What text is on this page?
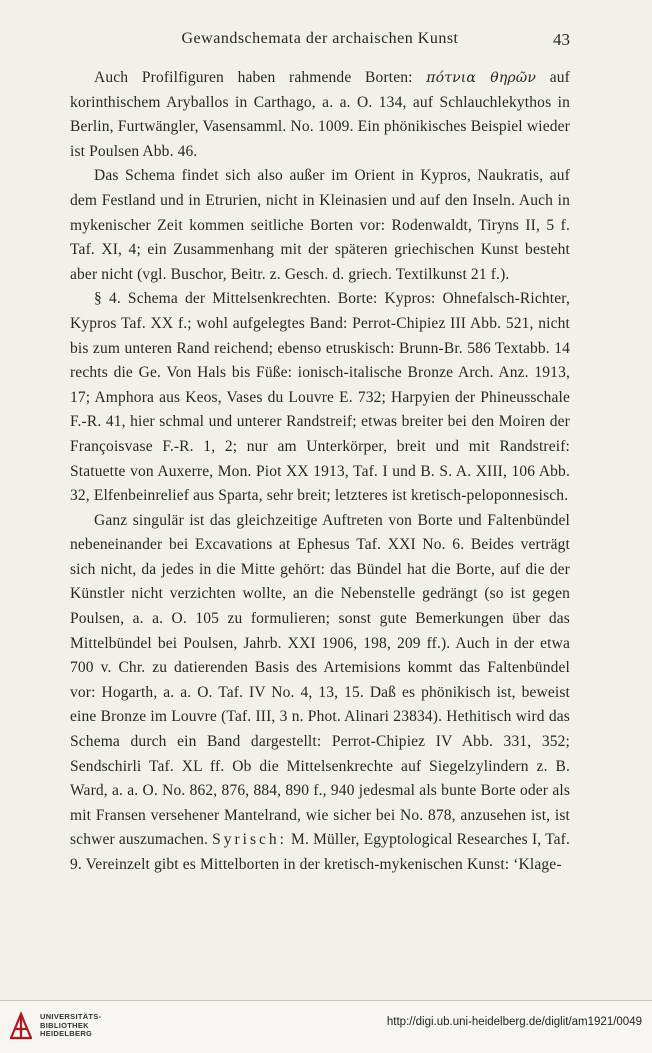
Gewandschemata der archaischen Kunst	43

Auch Profilfiguren haben rahmende Borten: πότνια θηρῶν auf korinthischem Aryballos in Carthago, a. a. O. 134, auf Schlauchlekythos in Berlin, Furtwängler, Vasensamml. No. 1009. Ein phönikisches Beispiel wieder ist Poulsen Abb. 46.

Das Schema findet sich also außer im Orient in Kypros, Naukratis, auf dem Festland und in Etrurien, nicht in Kleinasien und auf den Inseln. Auch in mykenischer Zeit kommen seitliche Borten vor: Rodenwaldt, Tiryns II, 5 f. Taf. XI, 4; ein Zusammenhang mit der späteren griechischen Kunst besteht aber nicht (vgl. Buschor, Beitr. z. Gesch. d. griech. Textilkunst 21 f.).

§ 4. Schema der Mittelsenkrechten. Borte: Kypros: Ohnefalsch-Richter, Kypros Taf. XX f.; wohl aufgelegtes Band: Perrot-Chipiez III Abb. 521, nicht bis zum unteren Rand reichend; ebenso etruskisch: Brunn-Br. 586 Textabb. 14 rechts die Ge. Von Hals bis Füße: ionisch-italische Bronze Arch. Anz. 1913, 17; Amphora aus Keos, Vases du Louvre E. 732; Harpyien der Phineusschale F.-R. 41, hier schmal und unterer Randstreif; etwas breiter bei den Moiren der Françoisvase F.-R. 1, 2; nur am Unterkörper, breit und mit Randstreif: Statuette von Auxerre, Mon. Piot XX 1913, Taf. I und B. S. A. XIII, 106 Abb. 32, Elfenbeinrelief aus Sparta, sehr breit; letzteres ist kretisch-peloponnesisch.

Ganz singulär ist das gleichzeitige Auftreten von Borte und Faltenbündel nebeneinander bei Excavations at Ephesus Taf. XXI No. 6. Beides verträgt sich nicht, da jedes in die Mitte gehört: das Bündel hat die Borte, auf die der Künstler nicht verzichten wollte, an die Nebenstelle gedrängt (so ist gegen Poulsen, a. a. O. 105 zu formulieren; sonst gute Bemerkungen über das Mittelbündel bei Poulsen, Jahrb. XXI 1906, 198, 209 ff.). Auch in der etwa 700 v. Chr. zu datierenden Basis des Artemisions kommt das Faltenbündel vor: Hogarth, a. a. O. Taf. IV No. 4, 13, 15. Daß es phönikisch ist, beweist eine Bronze im Louvre (Taf. III, 3 n. Phot. Alinari 23834). Hethitisch wird das Schema durch ein Band dargestellt: Perrot-Chipiez IV Abb. 331, 352; Sendschirli Taf. XL ff. Ob die Mittelsenkrechte auf Siegelzylindern z. B. Ward, a. a. O. No. 862, 876, 884, 890 f., 940 jedesmal als bunte Borte oder als mit Fransen versehener Mantelrand, wie sicher bei No. 878, anzusehen ist, ist schwer auszumachen. Syrisch: M. Müller, Egyptological Researches I, Taf. 9. Vereinzelt gibt es Mittelborten in der kretisch-mykenischen Kunst: ‘Klage-

UNIVERSITÄTS-
BIBLIOTHEK
HEIDELBERG
http://digi.ub.uni-heidelberg.de/diglit/am1921/0049
